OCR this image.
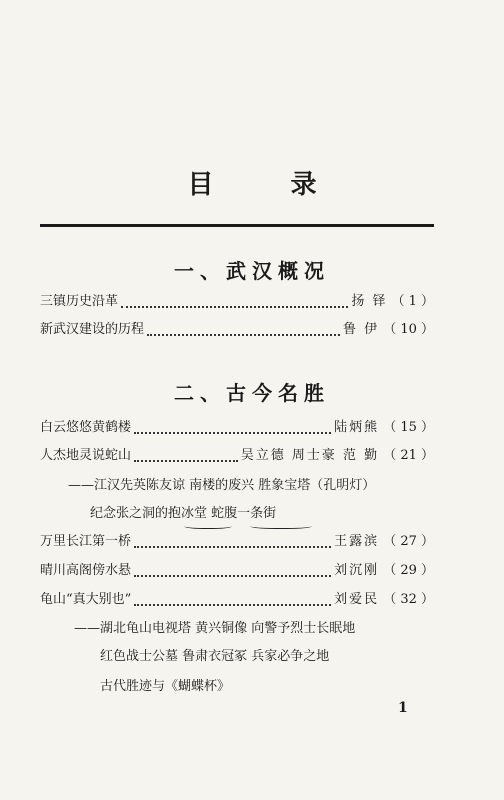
目 录
一、武汉概况
三镇历史沿革	扬 铎 （ 1 ）
新武汉建设的历程	鲁 伊 （ 10 ）
二、古今名胜
白云悠悠黄鹤楼	陆炳熊 （ 15 ）
人杰地灵说蛇山	吴立德 周士豪 范 勤 （ 21 ）
——江汉先英陈友谅 南楼的废兴 胜象宝塔（孔明灯）
纪念张之洞的抱冰堂 蛇腹一条街
万里长江第一桥	王露滨 （ 27 ）
晴川高阁傍水悬	刘沉刚 （ 29 ）
龟山“真大别也”	刘爱民 （ 32 ）
——湖北龟山电视塔 黄兴铜像 向警予烈士长眠地
红色战士公墓 鲁肃衣冠冢 兵家必争之地
古代胜迹与《蝴蝶杯》
1
